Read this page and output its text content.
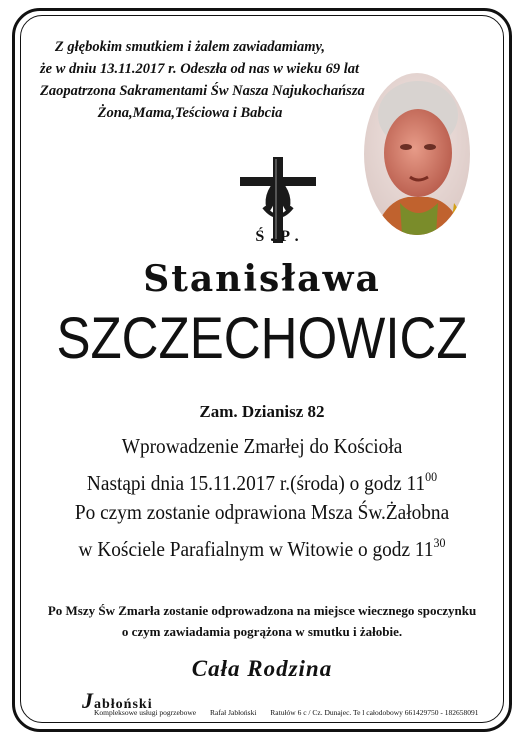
Z głębokim smutkiem i żalem zawiadamiamy,
że w dniu 13.11.2017 r. Odeszła od nas w wieku 69 lat
Zaopatrzona Sakramentami Św Nasza Najukochańsza
Żona,Mama,Teściowa i Babcia
Ś.P.
Stanisława
SZCZECHOWICZ
Zam. Dzianisz 82
Wprowadzenie Zmarłej do Kościoła
Nastąpi dnia 15.11.2017 r.(środa) o godz $11^{00}$
Po czym zostanie odprawiona Msza Św.Żałobna
w Kościele Parafialnym w Witowie o godz $11^{30}$
Po Mszy Św Zmarła zostanie odprowadzona na miejsce wiecznego spoczynku
o czym zawiadamia pogrążona w smutku i żałobie.
Cała Rodzina
Jabłoński
Kompleksowe usługi pogrzebowe Rafał Jabłoński Ratułów 6 c / Cz. Dunajec. Te l całodobowy 661429750 - 182658091
